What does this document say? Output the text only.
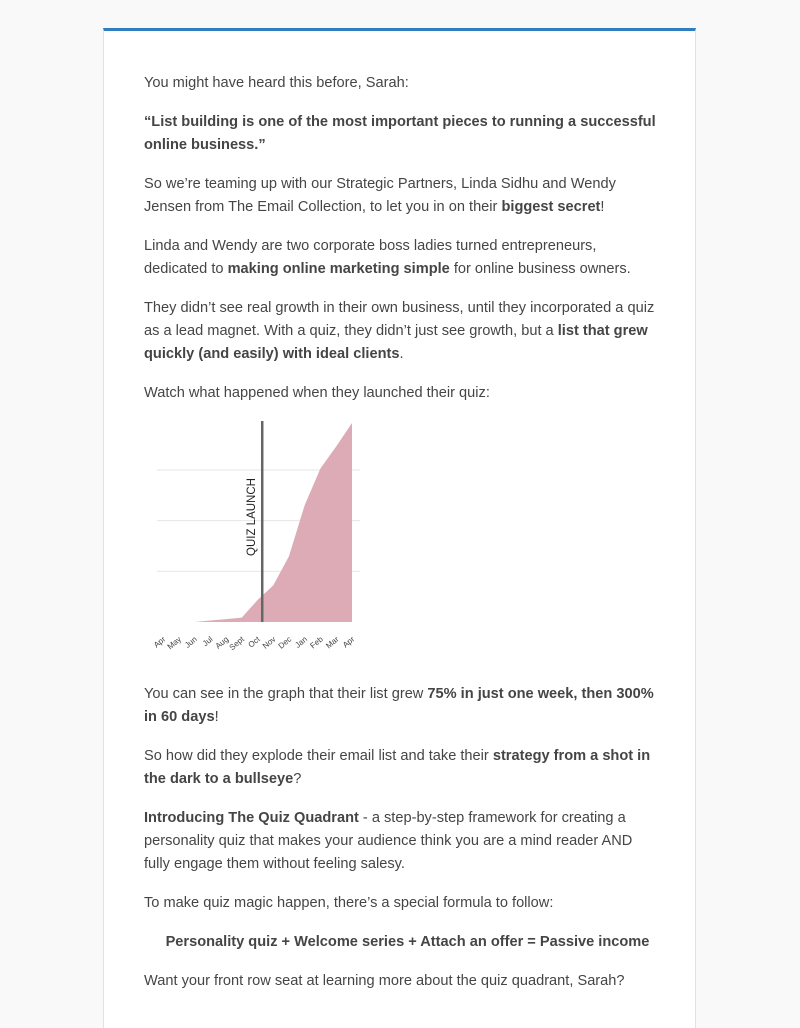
You might have heard this before, Sarah:

“List building is one of the most important pieces to running a successful online business.”

So we’re teaming up with our Strategic Partners, Linda Sidhu and Wendy Jensen from The Email Collection, to let you in on their biggest secret!

Linda and Wendy are two corporate boss ladies turned entrepreneurs, dedicated to making online marketing simple for online business owners.

They didn’t see real growth in their own business, until they incorporated a quiz as a lead magnet. With a quiz, they didn’t just see growth, but a list that grew quickly (and easily) with ideal clients.

Watch what happened when they launched their quiz:

QUIZ LAUNCH
Apr
May Jun Jul Aug
Sept Oct Nov Dec Jan Feb Mar Apr

You can see in the graph that their list grew 75% in just one week, then 300% in 60 days!

So how did they explode their email list and take their strategy from a shot in the dark to a bullseye?

Introducing The Quiz Quadrant - a step-by-step framework for creating a personality quiz that makes your audience think you are a mind reader AND fully engage them without feeling salesy.

To make quiz magic happen, there’s a special formula to follow:

Personality quiz + Welcome series + Attach an offer = Passive income

Want your front row seat at learning more about the quiz quadrant, Sarah?
